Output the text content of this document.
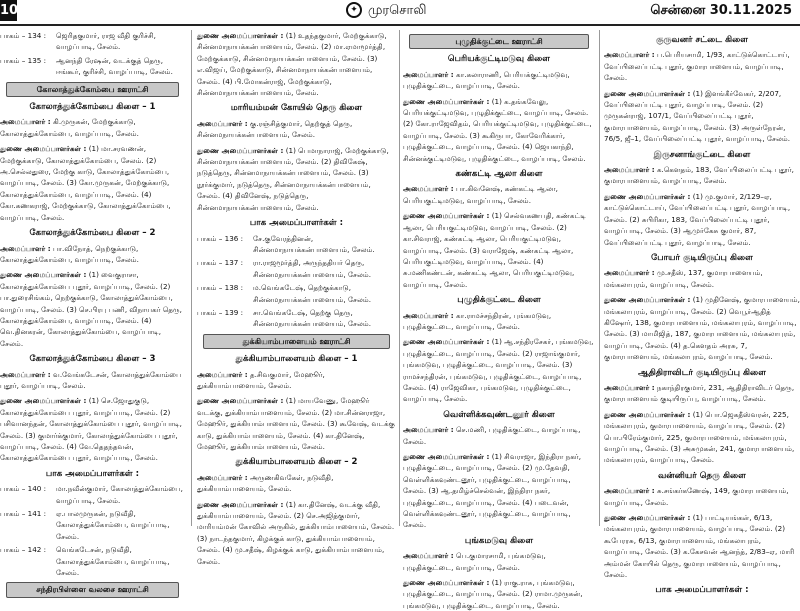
10	✦ முரசொலி	சென்னை 30.11.2025
பாகம் – 134 :	ஜெரிதகுமார், ராஜ வீதி குரிச்சி, வாழப்பாடி, சேலம்.
பாகம் – 135 :	ஆனந்தி ரேஷன், வடக்குத் தெரு, ஈங்கூர், குரிச்சி, வாழப்பாடி, சேலம்.
கோலாத்துக்கோம்பை ஊராட்சி
கோலாத்துக்கோம்பை கிளை – 1

அமைப்பாளர் : கி.முருகன், மேற்குக்காடு, கோலாத்துக்கோம்பை, வாழப்பாடி, சேலம்.

துணை அமைப்பாளர்கள் : (1) மா.சரவணன், மேற்குக்காடு, கோலாத்துக்கோம்பை, சேலம். (2) அ.செல்லதுரை, மேற்கு காடு, கோலாத்துக்கோம்பை, வாழப்பாடி, சேலம். (3) கோ.முருகன், மேற்குக்காடு, கோலாத்துக்கோம்பை, வாழப்பாடி, சேலம். (4) கோ.கணகராஜ், மேற்குக்காடு, கோலாத்துக்கோம்பை, வாழப்பாடி, சேலம்.

கோலாத்துக்கோம்பை கிளை – 2

அமைப்பாளர் : பா.விநோத், நெற்குக்காடு, கோலாத்துக்கோம்பை, வாழப்பாடி, சேலம்.

துணை அமைப்பாளர்கள் : (1) வைகுராசா, கோலாத்துக்கோம்பை புதூர், வாழப்பாடி, சேலம். (2) பா.துரைசிங்கம், நெற்குக்காடு, கோலாத்துக்கோம்பை, வாழப்பாடி, சேலம். (3) செ.பிரபு பணி, விநாயகர் தெரு, கோலாத்துக்கோம்பை, வாழப்பாடி, சேலம். (4) வெ.தினகரன், கோலாத்துக்கோம்பை, வாழப்பாடி, சேலம்.

கோலாத்துக்கோம்பை கிளை – 3

அமைப்பாளர் : வ.வேங்கடேசன், கோலாத்துக்கோம்பை புதூர், வாழப்பாடி, சேலம்.

துணை அமைப்பாளர்கள் : (1) செ.ஜோதுகுடு, கோலாத்துக்கோம்பை புதூர், வாழப்பாடி, சேலம். (2) பசிவானந்தன், கோலாத்துக்கோம்பை புதூர், வாழப்பாடி, சேலம். (3) குமார்க்குமார், கோலாத்துக்கோம்பை புதூர், வாழப்பாடி, சேலம். (4) வே.தெதந்தவன், கோலாத்துக்கோம்பை புதூர், வாழப்பாடி, சேலம்.

பாக அமைப்பாளர்கள் :
பாகம் – 140 :	மா.நவீன்குமார், கோலாத்துக்கோம்பை, வாழப்பாடி, சேலம்.
பாகம் – 141 :	ஏ.பாலமுருகன், நடுவீதி, கோலாத்துக்கோம்பை, வாழப்பாடி, சேலம்.
பாகம் – 142 :	வெங்கடேசன், நடுவீதி, கோலாத்துக்கோம்பை, வாழப்பாடி, சேலம்.
சந்திரபிள்ளை வலசை ஊராட்சி

துணை அமைப்பாளர்கள் : (1) உதந்தகுமார், மேற்குக்காடு, சின்னமாநாயக்கன்பாளையம், சேலம். (2) மா.ஏமாமூர்த்தி, மேற்குக்காடு, சின்னமாநாயக்கன்பாளையம், சேலம். (3) எ.விஜய், மேற்குக்காடு, சின்னமாநாயக்கன்பாளையம், சேலம். (4) பி.மோகன்ராஜ், மேற்குக்காடு, சின்னமாநாயக்கன்பாளையம், சேலம்.

மாரியம்மன் கோயில் தெரு கிளை

அமைப்பாளர் : கு.ரஞ்சித்குமார், தெற்குத் தெரு, சின்னமநாயக்கன்பாளையம், சேலம்.

துணை அமைப்பாளர்கள் : (1) பெமாநாராஜ், மேற்குக்காடு, சின்னமாநாயக்கன்பாளையம், சேலம். (2) திவிகேஷ், நடுத்தெரு, சின்னமாநாயக்கன்பாளையம், சேலம். (3) நூர்க்குமார், நடுத்தெரு, சின்னமாநாயக்கன்பாளையம், சேலம். (4) திவினேஷ், நடுத்தெரு, சின்னமாநாயக்கன்பாளையம், சேலம்.

பாக அமைப்பாளர்கள் :
பாகம் – 136 :	சே.குவேரத்தினன், சின்னமாநாயக்கன்பாளையம், சேலம்.
பாகம் – 137 :	ரா.ராஜமூர்த்தி, அருந்ததியர் தெரு, சின்னமநாயக்கன்பாளையம், சேலம்.
பாகம் – 138 :	ம.வெங்கடேஷ், தெற்குக்காடு, சின்னமநாயக்கன்பாளையம், சேலம்.
பாகம் – 139 :	சா.வெங்கடேஷ், தெற்கு தெரு, சின்னமநாயக்கன்பாளையம், சேலம்.
துக்கியாம்பாளையம் ஊராட்சி
துக்கியாம்பாளையம் கிளை – 1

அமைப்பாளர் : த.சிவகுமார், மேஹூர், துக்கியாம்பாளையம், சேலம்.

துணை அமைப்பாளர்கள் : (1) மாயவேணு, மேஹூர் வடக்கு, துக்கியாம்பாளையம், சேலம். (2) மா.சின்னராஜா, மேஹூர், துக்கியாம்பாளையம், சேலம். (3) கூவேஷ், வடக்கு காடு, துக்கியாம்பாளையம், சேலம். (4) கா.தினேஷ், மேஹூர், துக்கியாம்பாளையம், சேலம்.

துக்கியாம்பாளையம் கிளை – 2

அமைப்பாளர் : அருணகிவகேள், நடுவீதி, துக்கியாம்பாளையம், சேலம்.

துணை அமைப்பாளர்கள் : (1) கா.தினேஷ், வடக்கு வீதி, துக்கியாம்பாளையம், சேலம். (2) செ.அஜித்குமார், மாரியம்மன் கோவில் அருகில், துக்கியாம்பாளையம், சேலம். (3) நாடந்தகுமார், கிழக்குக் காடு, துக்கியாம்பாளையம், சேலம். (4) மு.சதீஷ், கிழக்குக் காடு, துக்கியாம்பாளையம், சேலம்.

புழுதிக்குட்டை ஊராட்சி
பெரியக்குட்டிமடுவு கிளை

அமைப்பாளர் : கா.கலாராணி, பெரியக்குட்டிமடுவு, புழுதிக்குட்டை, வாழப்பாடி, சேலம்.

துணை அமைப்பாளர்கள் : (1) க.தங்கவேலு, பெரியக்குட்டிமடுவு, புழுதிக்குட்டை, வாழப்பாடி, சேலம். (2) கோ.ராஜேவிதம், பெரியக்குட்டிமடுவு, புழுதிக்குட்டை, வாழப்பாடி, சேலம். (3) கூகிருபா, கோவேரிக்கார், புழுதிக்குட்டை, வாழப்பாடி, சேலம். (4) ஜெயகாந்தி, சின்னக்குட்டிமடுவு, புழுதிக்குட்டை, வாழப்பாடி, சேலம்.

கண்கட்டி ஆலா கிளை

அமைப்பாளர் : பா.கிவனேஷ், கண்கட்டி ஆலா, பெரியகுட்டிமடுவு, வாழப்பாடி, சேலம்.

துணை அமைப்பாளர்கள் : (1) செல்வகணபதி, கண்கட்டி ஆலா, பெரியகுட்டிமடுவு, வாழப்பாடி, சேலம். (2) கா.சிவராஜ், கண்கட்டி ஆலா, பெரியகுட்டிமடுவு, வாழப்பாடி, சேலம். (3) வராஜேஷ், கண்கட்டி ஆலா, பெரியகுட்டிமடுவு, வாழப்பாடி, சேலம். (4) சு.மணிகண்டன், கண்கட்டி ஆலா, பெரியகுட்டிமடுவு, வாழப்பாடி, சேலம்.

புழுதிக்குட்டை கிளை

அமைப்பாளர் : கா.ராமச்சந்திரன், புங்கமடுவு, புழுதிக்குட்டை, வாழப்பாடி, சேலம்.

துணை அமைப்பாளர்கள் : (1) ஆ.சந்திரசேகர், புங்கமடுவு, புழுதிக்குட்டை, வாழப்பாடி, சேலம். (2) ராஜாங்குமார், புங்கமடுவு, புழுதிக்குட்டை, வாழப்பாடி, சேலம். (3) ராமச்சந்திரன், புங்கமடுவு, புழுதிக்குட்டை, வாழப்பாடி, சேலம். (4) ராஜேவிகா, புங்கமடுவு, புழுதிக்குட்டை, வாழப்பாடி, சேலம்.

வெள்ளிக்கவுண்டனூர் கிளை

அமைப்பாளர் : செ.மணி, புழுதிக்குட்டை, வாழப்பாடி, சேலம்.

துணை அமைப்பாளர்கள் : (1) சிவராஜா, இந்திரா நகர், புழுதிக்குட்டை, வாழப்பாடி, சேலம். (2) மு.தேவதி, வெள்ளிக்கவுண்டனூர், புழுதிக்குட்டை, வாழப்பாடி, சேலம். (3) ஆ.தமிழ்ச்செல்வன், இந்திரா நகர், புழுதிக்குட்டை, வாழப்பாடி, சேலம். (4) படைவன், வெள்ளிக்கவுண்டனூர், புழுதிக்குட்டை, வாழப்பாடி, சேலம்.

புங்கமடுவு கிளை

அமைப்பாளர் : பெ.குமாரசாமி, புங்கமடுவு, புழுதிக்குட்டை, வாழப்பாடி, சேலம்.

துணை அமைப்பாளர்கள் : (1) ராகு.ராசு, புங்கமடுவு, புழுதிக்குட்டை, வாழப்பாடி, சேலம். (2) ராமா.முருகன், புங்கமடுவு, புழுதிக்குட்டை, வாழப்பாடி, சேலம்.

குருவனர் சட்டை கிளை

அமைப்பாளர் : ப.பெரியசாமி, 1/93, காட்டுக்கொட்டாய், வேப்பிலைப்பட்டி புதூர், குமாரபாளையம், வாழப்பாடி, சேலம்.

துணை அமைப்பாளர்கள் : (1) இளங்கீர்வேகர், 2/207, வேப்பிலைப்பட்டி புதூர், வாழப்பாடி, சேலம். (2) முருகன்ராஜ், 107/1, வேப்பிலைப்பட்டி புதூர், குமாரபாளையம், வாழப்பாடி, சேலம். (3) அருள்நேரன், 76/5, ஜீ–1, வேப்பிலைப்பட்டி புதூர், வாழப்பாடி, சேலம்.

இருசனாங்குட்டை கிளை

அமைப்பாளர் : க.கௌதம், 183, வேப்பிலைப்பட்டி புதூர், குமாரபாளையம், வாழப்பாடி, சேலம்.

துணை அமைப்பாளர்கள் : (1) மு.குமார், 2/129–ஏ, காட்டுக்கொட்டாய், வேப்பிலைப்பட்டி புதூர், வாழப்பாடி, சேலம். (2) சுபிரிகா, 183, வேப்பிலைப்பட்டி புதூர், வாழப்பாடி, சேலம். (3) ஆமுர்கேசு குமார், 87, வேப்பிலைப்பட்டி புதூர், வாழப்பாடி, சேலம்.

போயர் குடியிருப்பு கிளை

அமைப்பாளர் : மு.சதீஸ், 137, குமாரபாளையம், மங்கலாபுரம், வாழப்பாடி, சேலம்.

துணை அமைப்பாளர்கள் : (1) முதினேஷ், குமாரபாளையம், மங்கலாபுரம், வாழப்பாடி, சேலம். (2) வெபூர்ஆதித் கிஷோர், 138, குமாரபாளையம், மங்கலாபுரம், வாழப்பாடி, சேலம். (3) மாமிஜித், 187, குமாரபாளையம், மங்கலாபுரம், வாழப்பாடி, சேலம். (4) த.கௌதம் அரசு, 7, குமாரபாளையம், மங்கலாபுரம், வாழப்பாடி, சேலம்.

ஆதிதிராவிடர் குடியிருப்பு கிளை

அமைப்பாளர் : நகாந்திரகுமார், 231, ஆதிதிராவிடர் தெரு, குமாரபாளையம் குடியிருப்பு, வாழப்பாடி, சேலம்.

துணை அமைப்பாளர்கள் : (1) பொ.ஜெகதீஸ்வரன், 225, மங்கலாபுரம், குமாரபாளையம், வாழப்பாடி, சேலம். (2) பொ.பிரேம்குமார், 225, குமாரபாளையம், மங்கலாபுரம், வாழப்பாடி, சேலம். (3) அசுமுகன், 241, குமாரபாளையம், மங்கலாபுரம், வாழப்பாடி, சேலம்.

வன்னியர் தெரு கிளை

அமைப்பாளர் : சு.சங்கர்கணேஷ், 149, குமாரபாளையம், வாழப்பாடி, சேலம்.

துணை அமைப்பாளர்கள் : (1) பாட்டியங்கள், 6/13, மங்கலாபுரம், குமாரபாளையம், வாழப்பாடி, சேலம். (2) கூபேரரசு, 6/13, குமாரபாளையம், மங்கலாபுரம், வாழப்பாடி, சேலம். (3) க.கேசவன் ஆனந்த், 2/83–ஏ, மாரி அம்மன் கோயில் தெரு, குமாரபாளையம், வாழப்பாடி, சேலம்.

பாக அமைப்பாளர்கள் :
